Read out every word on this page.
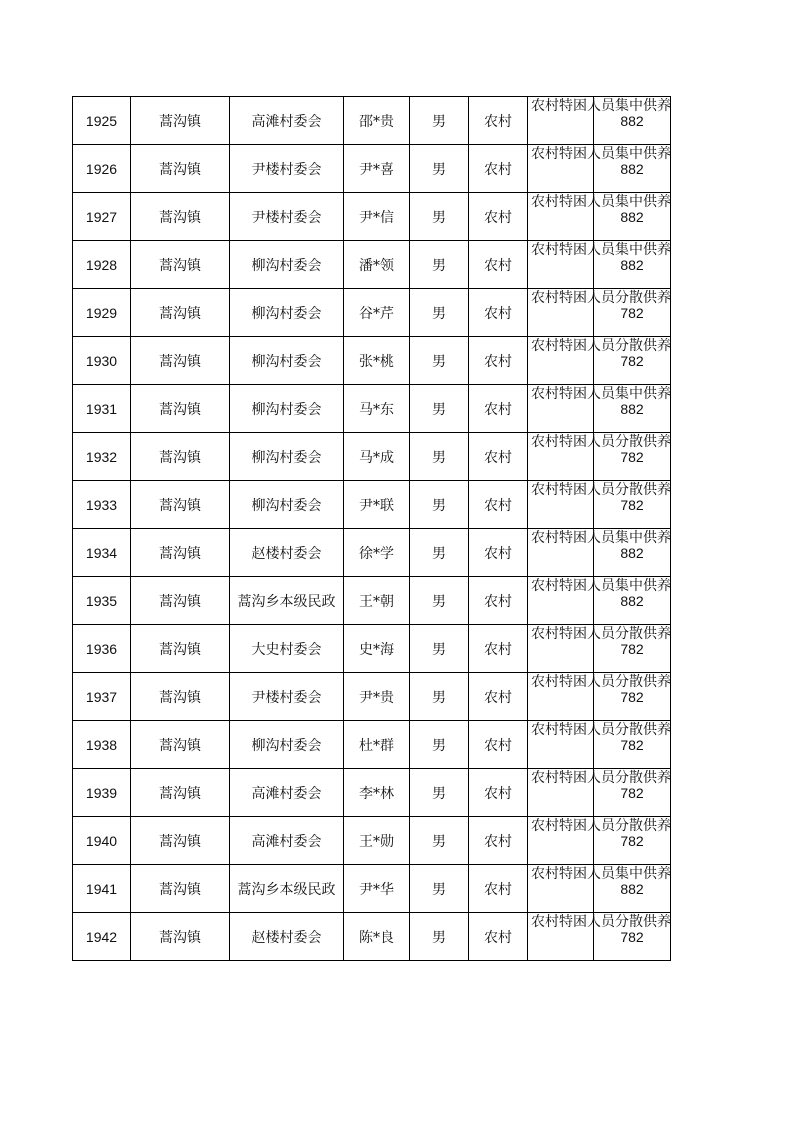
1925	蒿沟镇	高滩村委会	邵*贵	男	农村	农村特困人员集中供养	882
1926	蒿沟镇	尹楼村委会	尹*喜	男	农村	农村特困人员集中供养	882
1927	蒿沟镇	尹楼村委会	尹*信	男	农村	农村特困人员集中供养	882
1928	蒿沟镇	柳沟村委会	潘*领	男	农村	农村特困人员集中供养	882
1929	蒿沟镇	柳沟村委会	谷*芹	男	农村	农村特困人员分散供养	782
1930	蒿沟镇	柳沟村委会	张*桃	男	农村	农村特困人员分散供养	782
1931	蒿沟镇	柳沟村委会	马*东	男	农村	农村特困人员集中供养	882
1932	蒿沟镇	柳沟村委会	马*成	男	农村	农村特困人员分散供养	782
1933	蒿沟镇	柳沟村委会	尹*联	男	农村	农村特困人员分散供养	782
1934	蒿沟镇	赵楼村委会	徐*学	男	农村	农村特困人员集中供养	882
1935	蒿沟镇	蒿沟乡本级民政	王*朝	男	农村	农村特困人员集中供养	882
1936	蒿沟镇	大史村委会	史*海	男	农村	农村特困人员分散供养	782
1937	蒿沟镇	尹楼村委会	尹*贵	男	农村	农村特困人员分散供养	782
1938	蒿沟镇	柳沟村委会	杜*群	男	农村	农村特困人员分散供养	782
1939	蒿沟镇	高滩村委会	李*林	男	农村	农村特困人员分散供养	782
1940	蒿沟镇	高滩村委会	王*勋	男	农村	农村特困人员分散供养	782
1941	蒿沟镇	蒿沟乡本级民政	尹*华	男	农村	农村特困人员集中供养	882
1942	蒿沟镇	赵楼村委会	陈*良	男	农村	农村特困人员分散供养	782
